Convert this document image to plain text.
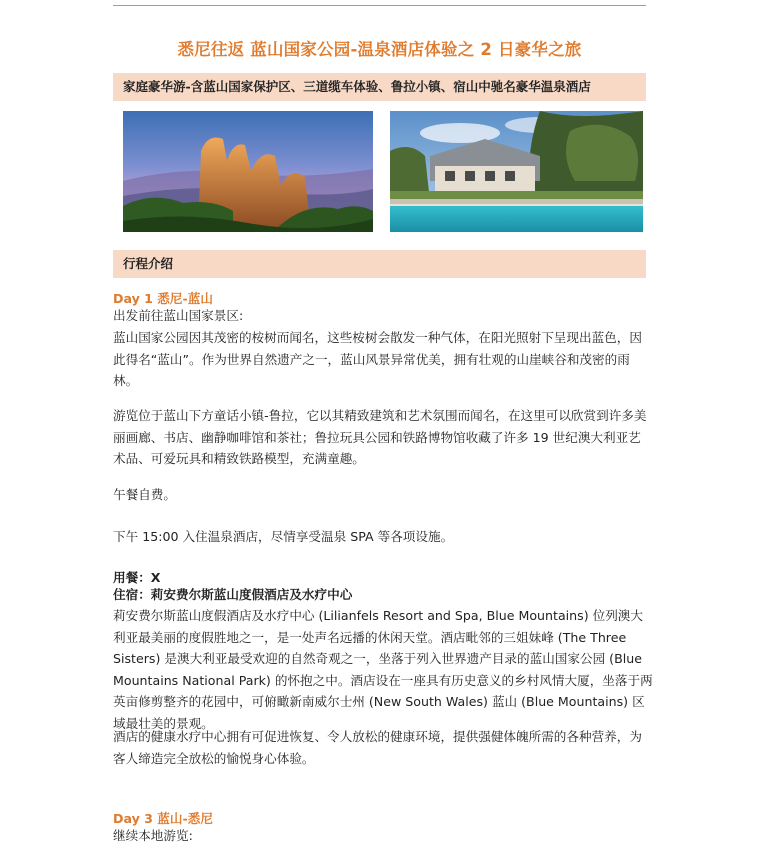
悉尼往返 蓝山国家公园-温泉酒店体验之 2 日豪华之旅
家庭豪华游-含蓝山国家保护区、三道缆车体验、鲁拉小镇、宿山中驰名豪华温泉酒店
行程介绍
Day 1 悉尼-蓝山
出发前往蓝山国家景区:
蓝山国家公园因其茂密的桉树而闻名，这些桉树会散发一种气体，在阳光照射下呈现出蓝色，因此得名“蓝山”。作为世界自然遗产之一，蓝山风景异常优美，拥有壮观的山崖峡谷和茂密的雨林。
游览位于蓝山下方童话小镇-鲁拉，它以其精致建筑和艺术氛围而闻名，在这里可以欣赏到许多美丽画廊、书店、幽静咖啡馆和茶社；鲁拉玩具公园和铁路博物馆收藏了许多 19 世纪澳大利亚艺术品、可爱玩具和精致铁路模型，充满童趣。
午餐自费。
下午 15:00 入住温泉酒店，尽情享受温泉 SPA 等各项设施。
用餐：X
住宿：莉安费尔斯蓝山度假酒店及水疗中心
莉安费尔斯蓝山度假酒店及水疗中心 (Lilianfels Resort and Spa, Blue Mountains) 位列澳大利亚最美丽的度假胜地之一，是一处声名远播的休闲天堂。酒店毗邻的三姐妹峰 (The Three Sisters) 是澳大利亚最受欢迎的自然奇观之一，坐落于列入世界遗产目录的蓝山国家公园 (Blue Mountains National Park) 的怀抱之中。酒店设在一座具有历史意义的乡村风情大厦，坐落于两英亩修剪整齐的花园中，可俯瞰新南威尔士州 (New South Wales) 蓝山 (Blue Mountains) 区域最壮美的景观。
酒店的健康水疗中心拥有可促进恢复、令人放松的健康环境，提供强健体魄所需的各种营养，为客人缔造完全放松的愉悦身心体验。
Day 3 蓝山-悉尼
继续本地游览:
